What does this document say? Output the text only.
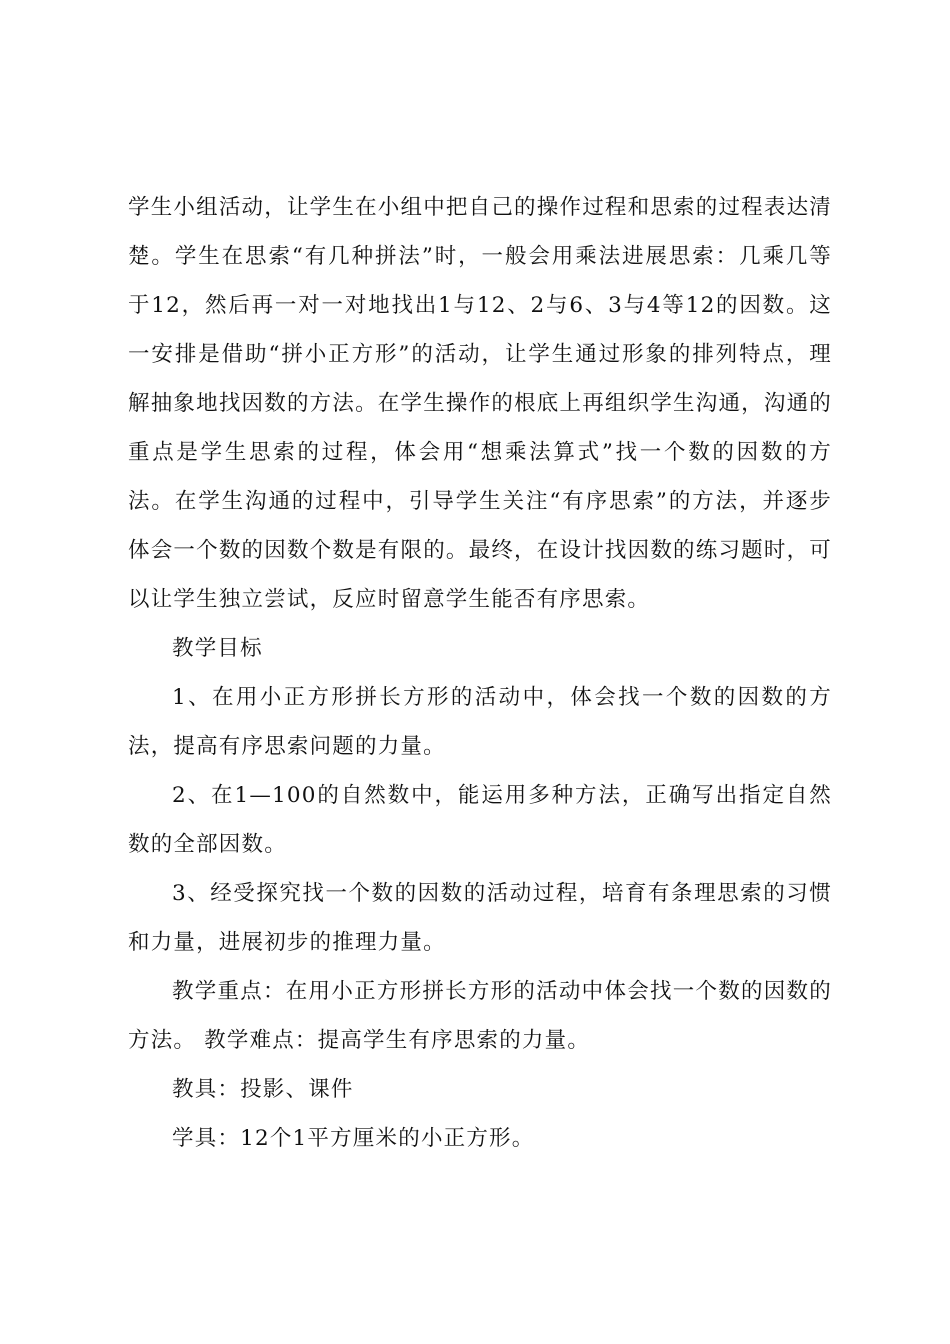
学生小组活动，让学生在小组中把自己的操作过程和思索的过程表达清楚。学生在思索“有几种拼法”时，一般会用乘法进展思索：几乘几等于12，然后再一对一对地找出1与12、2与6、3与4等12的因数。这一安排是借助“拼小正方形”的活动，让学生通过形象的排列特点，理解抽象地找因数的方法。在学生操作的根底上再组织学生沟通，沟通的重点是学生思索的过程，体会用“想乘法算式”找一个数的因数的方法。在学生沟通的过程中，引导学生关注“有序思索”的方法，并逐步体会一个数的因数个数是有限的。最终，在设计找因数的练习题时，可以让学生独立尝试，反应时留意学生能否有序思索。

教学目标

1、在用小正方形拼长方形的活动中，体会找一个数的因数的方法，提高有序思索问题的力量。

2、在1—100的自然数中，能运用多种方法，正确写出指定自然数的全部因数。

3、经受探究找一个数的因数的活动过程，培育有条理思索的习惯和力量，进展初步的推理力量。

教学重点：在用小正方形拼长方形的活动中体会找一个数的因数的方法。 教学难点：提高学生有序思索的力量。

教具：投影、课件

学具：12个1平方厘米的小正方形。
